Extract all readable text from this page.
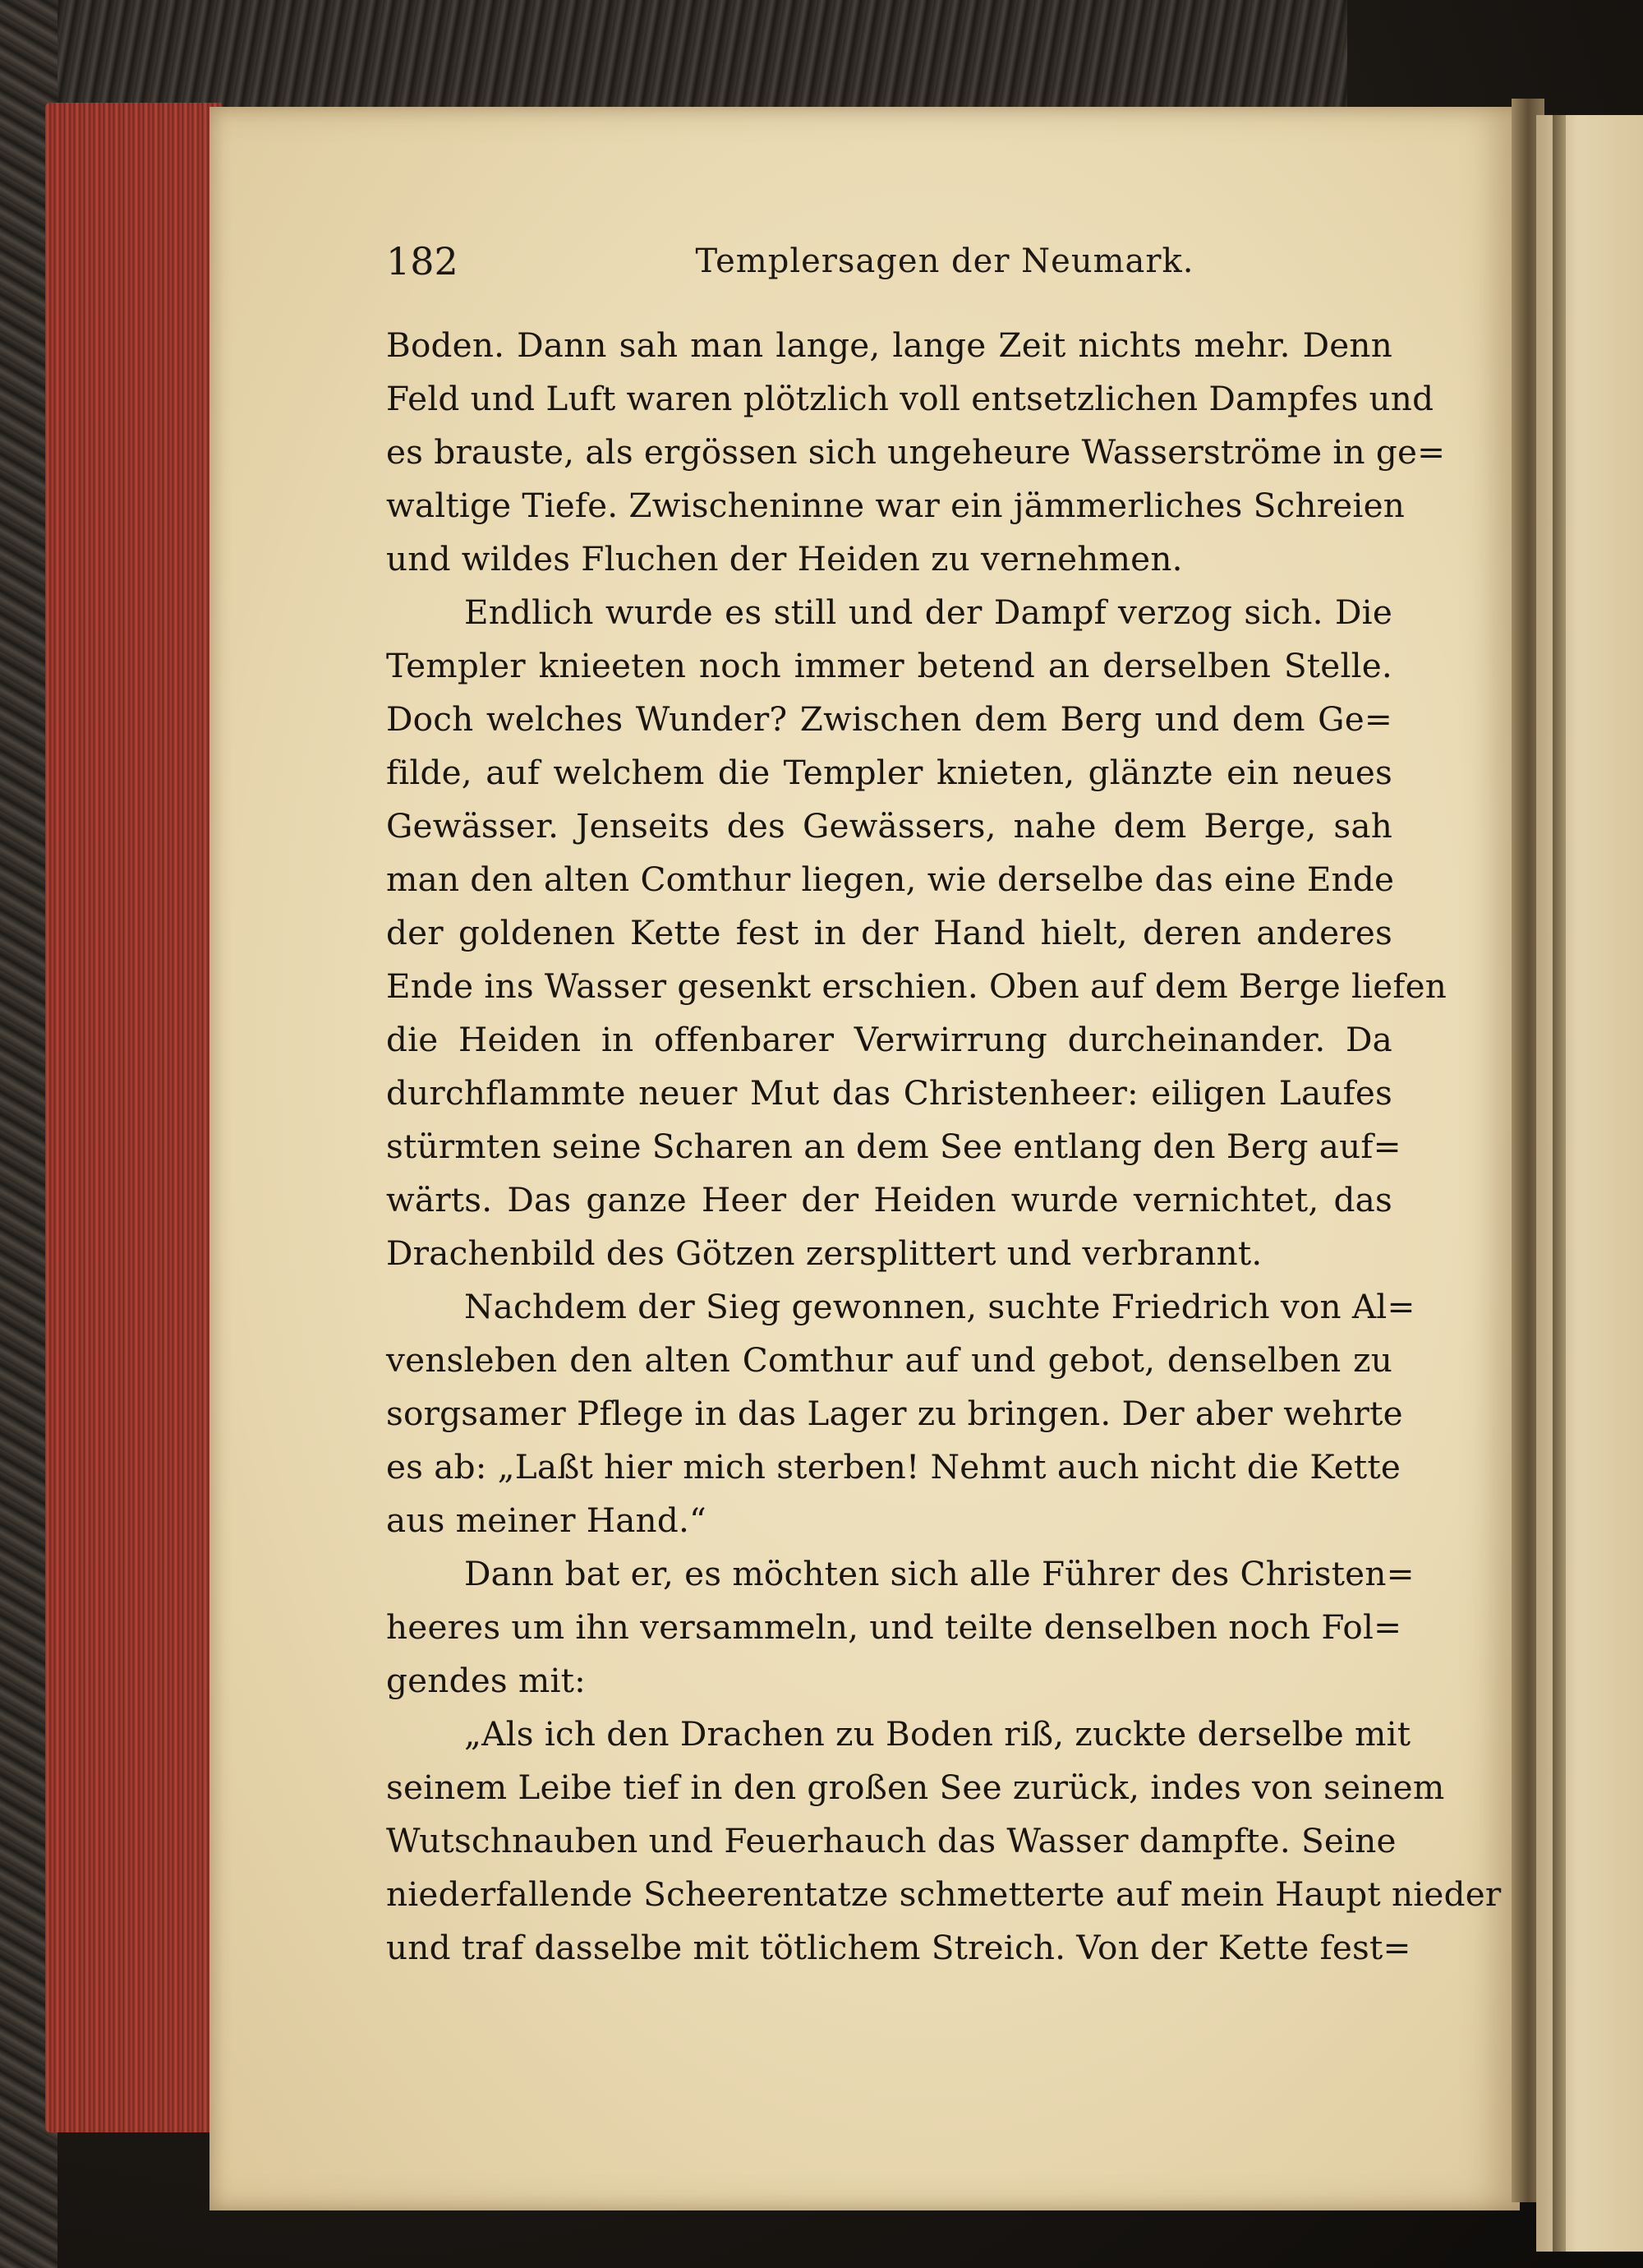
182	Templersagen der Neumark.
Boden. Dann sah man lange, lange Zeit nichts mehr. Denn
Feld und Luft waren plötzlich voll entsetzlichen Dampfes und
es brauste, als ergössen sich ungeheure Wasserströme in ge=
waltige Tiefe. Zwischeninne war ein jämmerliches Schreien
und wildes Fluchen der Heiden zu vernehmen.
Endlich wurde es still und der Dampf verzog sich. Die
Templer knieeten noch immer betend an derselben Stelle.
Doch welches Wunder? Zwischen dem Berg und dem Ge=
filde, auf welchem die Templer knieten, glänzte ein neues
Gewässer. Jenseits des Gewässers, nahe dem Berge, sah
man den alten Comthur liegen, wie derselbe das eine Ende
der goldenen Kette fest in der Hand hielt, deren anderes
Ende ins Wasser gesenkt erschien. Oben auf dem Berge liefen
die Heiden in offenbarer Verwirrung durcheinander. Da
durchflammte neuer Mut das Christenheer: eiligen Laufes
stürmten seine Scharen an dem See entlang den Berg auf=
wärts. Das ganze Heer der Heiden wurde vernichtet, das
Drachenbild des Götzen zersplittert und verbrannt.
Nachdem der Sieg gewonnen, suchte Friedrich von Al=
vensleben den alten Comthur auf und gebot, denselben zu
sorgsamer Pflege in das Lager zu bringen. Der aber wehrte
es ab: „Laßt hier mich sterben! Nehmt auch nicht die Kette
aus meiner Hand.“
Dann bat er, es möchten sich alle Führer des Christen=
heeres um ihn versammeln, und teilte denselben noch Fol=
gendes mit:
„Als ich den Drachen zu Boden riß, zuckte derselbe mit
seinem Leibe tief in den großen See zurück, indes von seinem
Wutschnauben und Feuerhauch das Wasser dampfte. Seine
niederfallende Scheerentatze schmetterte auf mein Haupt nieder
und traf dasselbe mit tötlichem Streich. Von der Kette fest=
